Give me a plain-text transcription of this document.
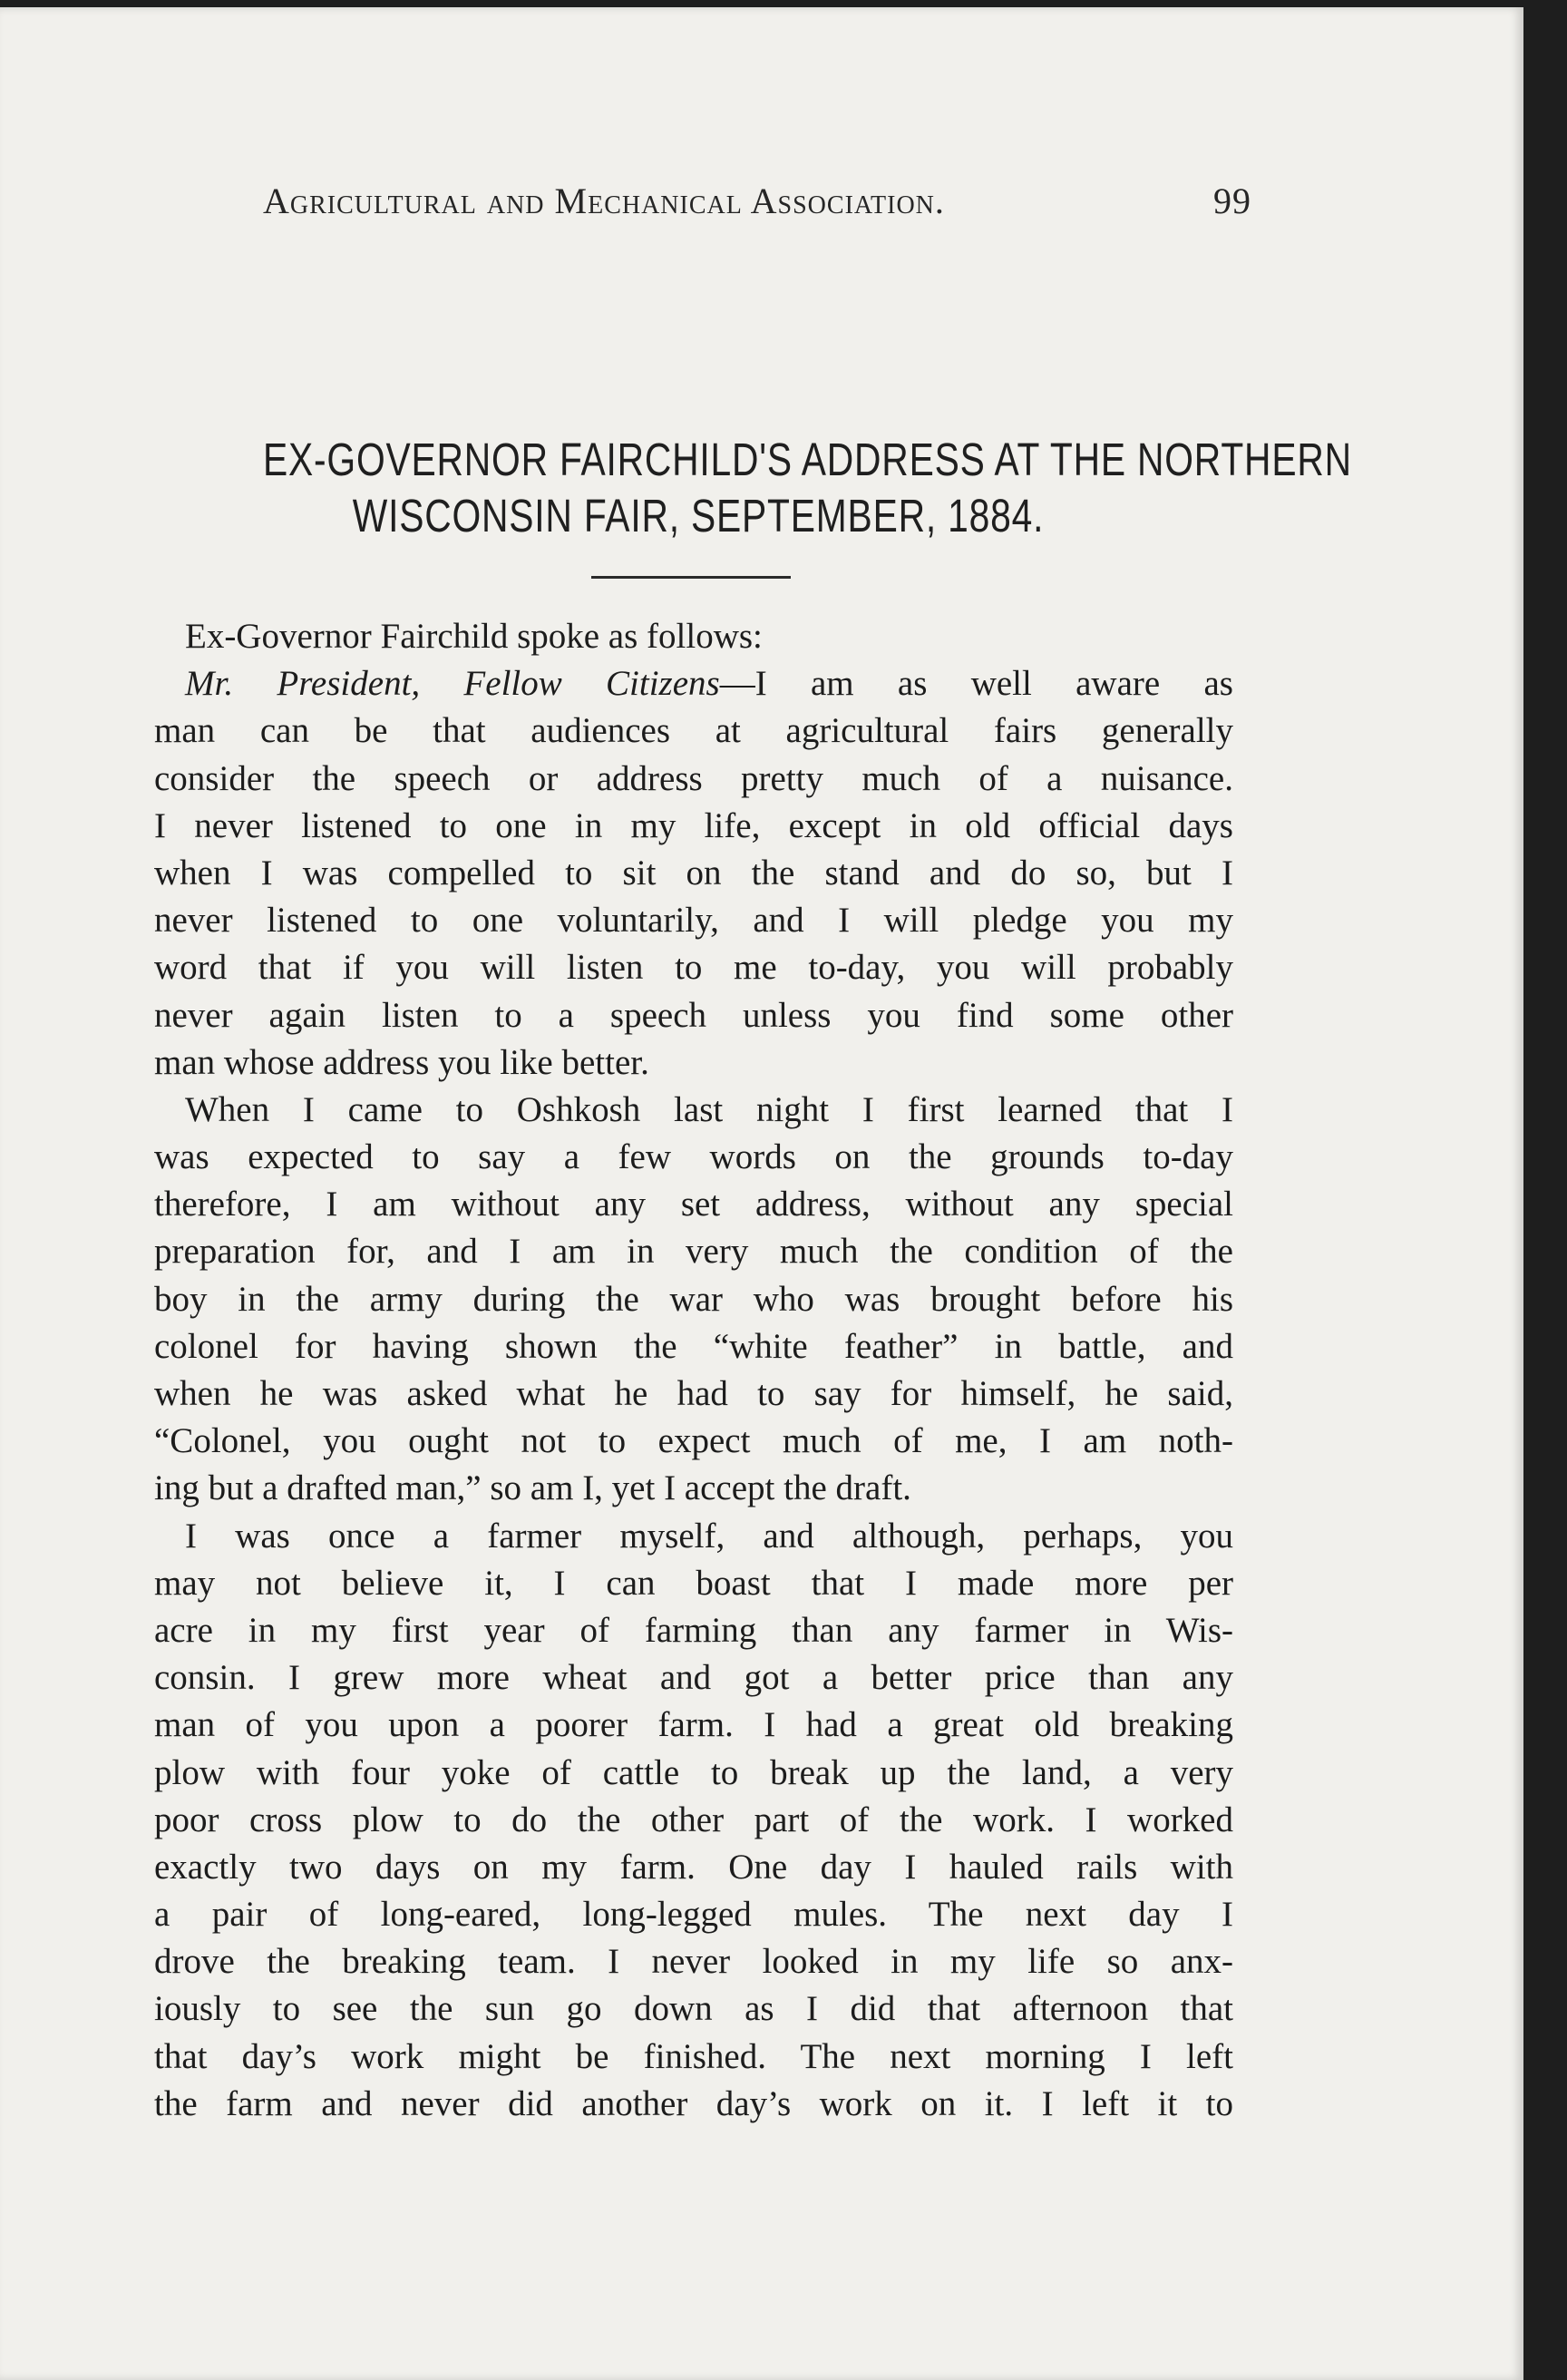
Agricultural and Mechanical Association.	99
EX-GOVERNOR FAIRCHILD'S ADDRESS AT THE NORTHERN
WISCONSIN FAIR, SEPTEMBER, 1884.
Ex-Governor Fairchild spoke as follows:
Mr. President, Fellow Citizens—I am as well aware as
man can be that audiences at agricultural fairs generally
consider the speech or address pretty much of a nuisance.
I never listened to one in my life, except in old official days
when I was compelled to sit on the stand and do so, but I
never listened to one voluntarily, and I will pledge you my
word that if you will listen to me to-day, you will probably
never again listen to a speech unless you find some other
man whose address you like better.
When I came to Oshkosh last night I first learned that I
was expected to say a few words on the grounds to-day
therefore, I am without any set address, without any special
preparation for, and I am in very much the condition of the
boy in the army during the war who was brought before his
colonel for having shown the “white feather” in battle, and
when he was asked what he had to say for himself, he said,
“Colonel, you ought not to expect much of me, I am noth-
ing but a drafted man,” so am I, yet I accept the draft.
I was once a farmer myself, and although, perhaps, you
may not believe it, I can boast that I made more per
acre in my first year of farming than any farmer in Wis-
consin. I grew more wheat and got a better price than any
man of you upon a poorer farm. I had a great old breaking
plow with four yoke of cattle to break up the land, a very
poor cross plow to do the other part of the work. I worked
exactly two days on my farm. One day I hauled rails with
a pair of long-eared, long-legged mules. The next day I
drove the breaking team. I never looked in my life so anx-
iously to see the sun go down as I did that afternoon that
that day’s work might be finished. The next morning I left
the farm and never did another day’s work on it. I left it to
